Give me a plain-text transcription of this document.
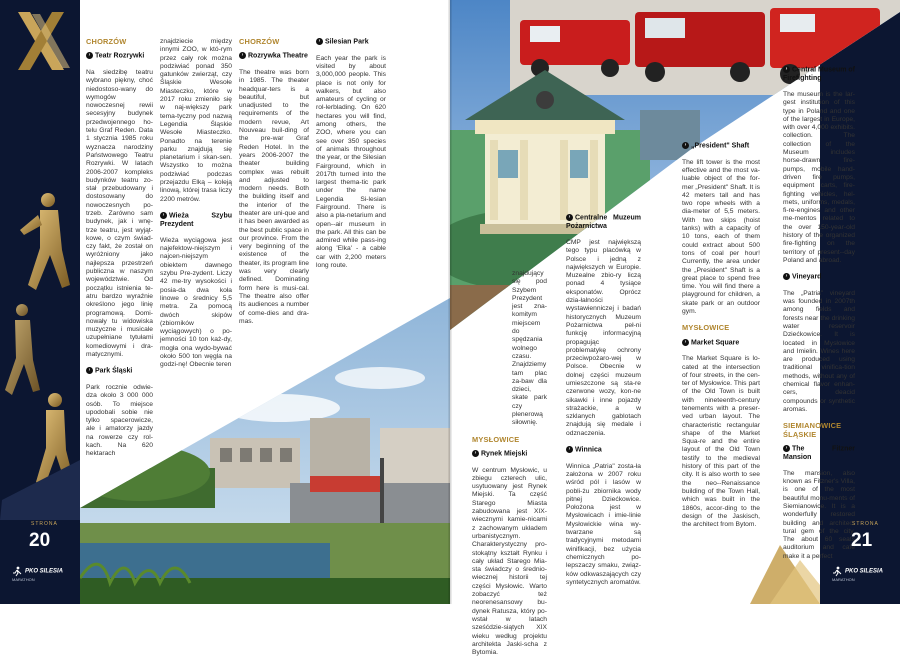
CHORZÓW

› Teatr Rozrywki

Na siedzibę teatru wybrano piękny, choć niedostoso-wany do wymogów nowoczesnej rewii secesyjny budynek przedwojennego ho-telu Graf Reden. Data 1 stycznia 1985 roku wyznacza narodziny Państwowego Teatru Rozrywki. W latach 2006-2007 kompleks budynków teatru zo-stał przebudowany i dostosowany do nowoczesnych po-trzeb. Zarówno sam budynek, jak i wnę-trze teatru, jest wyjąt-kowe, o czym świad-czy fakt, że został on wyróżniony jako najlepsza przestrzeń publiczna w naszym województwie. Od początku istnienia te-atru bardzo wyraźnie określono jego linię programową. Domi-nowały tu widowiska muzyczne i musicale uzupełniane tytułami komediowymi i dra-matycznymi.

› Park Śląski

Park rocznie odwie-dza około 3 000 000 osób. To miejsce upodobali sobie nie tylko spacerowicze, ale i amatorzy jazdy na rowerze czy rol-kach. Na 620 hektarach

znajdziecie między innymi ZOO, w któ-rym przez cały rok można podziwiać ponad 350 gatunków zwierząt, czy Śląskie Wesołe Miasteczko, które w 2017 roku zmieniło się w naj-większy park tema-tyczny pod nazwą Legendia Śląskie Wesołe Miasteczko. Ponadto na terenie parku znajdują się planetarium i skan-sen. Wszystko to można podziwiać podczas przejazdu Elką – koleją linową, której trasa liczy 2200 metrów.

› Wieża Szybu Prezydent

Wieża wyciągowa jest najefektow-niejszym i najcen-niejszym obiektem dawnego szybu Pre-zydent. Liczy 42 me-try wysokości i posia-da dwa koła linowe o średnicy 5,5 metra. Za pomocą dwóch skipów (zbiorników wyciągowych) o po-jemności 10 ton każ-dy, mogła ona wydo-bywać około 500 ton węgla na godzi-nę! Obecnie teren

CHORZÓW

› Rozrywka Theatre

The theatre was born in 1985. The theater headquar-ters is a beautiful, but unadjusted to the requirements of the modern revue, Art Nouveau buil-ding of the pre-war Graf Reden Hotel. In the years 2006-2007 the theater building complex was rebuilt and adjusted to modern needs. Both the building itself and the interior of the theater are uni-que and it has been awarded as the best public space in our province. From the very beginning of the existence of the theater, its program line was very clearly defined. Dominating form here is musi-cal. The theatre also offer its audiences a number of come-dies and dra-mas.

› Silesian Park

Each year the park is visited by about 3,000,000 people. This place is not only for walkers, but also amateurs of cycling or rol-lerblading. On 620 hectares you will find, among others, the ZOO, where you can see over 350 species of animals throughout the year, or the Silesian Fairground, which in 2017th turned into the largest thema-tic park under the name Legendia Si-lesian Fairground. There is also a pla-netarium and open--air museum in the park. All this can be admired while pass-ing along 'Elka' - a cable car with 2,200 meters long route.

STRONA
20
PKO SILESIA
MARATHON

znajdujący się pod Szybem Prezydent jest zna-komitym miejscem do spędzania wolnego czasu. Znajdziemy tam plac za-baw dla dzieci, skate park czy plenerową siłownię.

MYSŁOWICE

› Rynek Miejski

W centrum Mysłowic, u zbiegu czterech ulic, usytuowany jest Rynek Miejski. Ta część Starego Miasta zabudowana jest XIX-wiecznymi kamie-nicami z zachowanym układem urbanistycznym. Charakterystyczny pro-stokątny kształt Rynku i cały układ Starego Mia-sta świadczy o średnio-wiecznej historii tej części Mysłowic. Warto zobaczyć też neorenesansowy bu-dynek Ratusza, który po-wstał w latach sześćdzie-siątych XIX wieku według projektu architekta Jaski-scha z Bytomia.

› Centralne Muzeum Pożarnictwa

CMP jest największą tego typu placówką w Polsce i jedną z największych w Europie. Muzealne zbio-ry liczą ponad 4 tysiące eksponatów. Oprócz dzia-łalności wystawienniczej i badań historycznych Muzeum Pożarnictwa peł-ni funkcję informacyjną propagując problematykę ochrony przeciwpożaro-wej w Polsce. Obecnie w dolnej części muzeum umieszczone są sta-re czerwone wozy, kon-ne sikawki i inne pojazdy strażackie, a w szklanych gablotach znajdują się medale i odznaczenia.

› Winnica

Winnica „Patria" zosta-ła założona w 2007 roku wśród pól i lasów w pobli-żu zbiornika wody pitnej Dziećkowice. Położona jest w Mysłowicach i imie-linie Mysłowickie wina wy-twarzane są tradycyjnymi metodami winifikacji, bez użycia chemicznych po-lepszaczy smaku, związ-ków odkwaszających czy syntetycznych aromatów.

› „President" Shaft

The lift tower is the most effective and the most va-luable object of the for-mer „President" Shaft. It is 42 meters tall and has two rope wheels with a dia-meter of 5,5 meters. With two skips (hoist tanks) with a capacity of 10 tons, each of them could extract about 500 tons of coal per hour! Currently, the area under the „President" Shaft is a great place to spend free time. You will find there a playground for children, a skate park or an outdoor gym.

MYSŁOWICE

› Market Square

The Market Square is lo-cated at the intersection of four streets, in the cen-ter of Mysłowice. This part of the Old Town is built with nineteenth-century tenements with a preser-ved urban layout. The characteristic rectangular shape of the Market Squa-re and the entire layout of the Old Town testify to the medieval history of this part of the city. It is also worth to see the neo--Renaissance building of the Town Hall, which was built in the 1860s, accor-ding to the design of the Jaskisch, the architect from Bytom.

› Central Museum of Firefighting

The museum is the lar-gest institution of this type in Poland and one of the largest in Europe, with over 4,000 exhibits. collection. The collection of the Museum includes horse-drawn fire-pumps, mobile hand-driven fire pumps, equipment carts, fire-fighting vehicles, hel-mets, uniforms, medals, fi-re-engines and other me-mentos related to the over 150-year-old history of the organized fire-fighting on the territory of present--day Poland and abroad.

› Vineyard

The „Patria" vineyard was founded in 2007th among fields and forests near the drinking water reservoir Dziećkowice. It is located in Mysłowice and Imielin. Wines here are produced using traditional vinifica-tion methods, without any of chemical flavor enhan-cers, deacid compounds or synthetic aromas.

SIEMIANOWICE ŚLĄSKIE

› The Fitzner Mansion

The mansion, also known as Fitzner's Villa, is one of the most beautiful monu-ments of Siemianowice. It is a wonderfully restored building and architec-tural gem of the city. The about 60 seats auditorium and café make it a perfect

STRONA
21
PKO SILESIA
MARATHON
